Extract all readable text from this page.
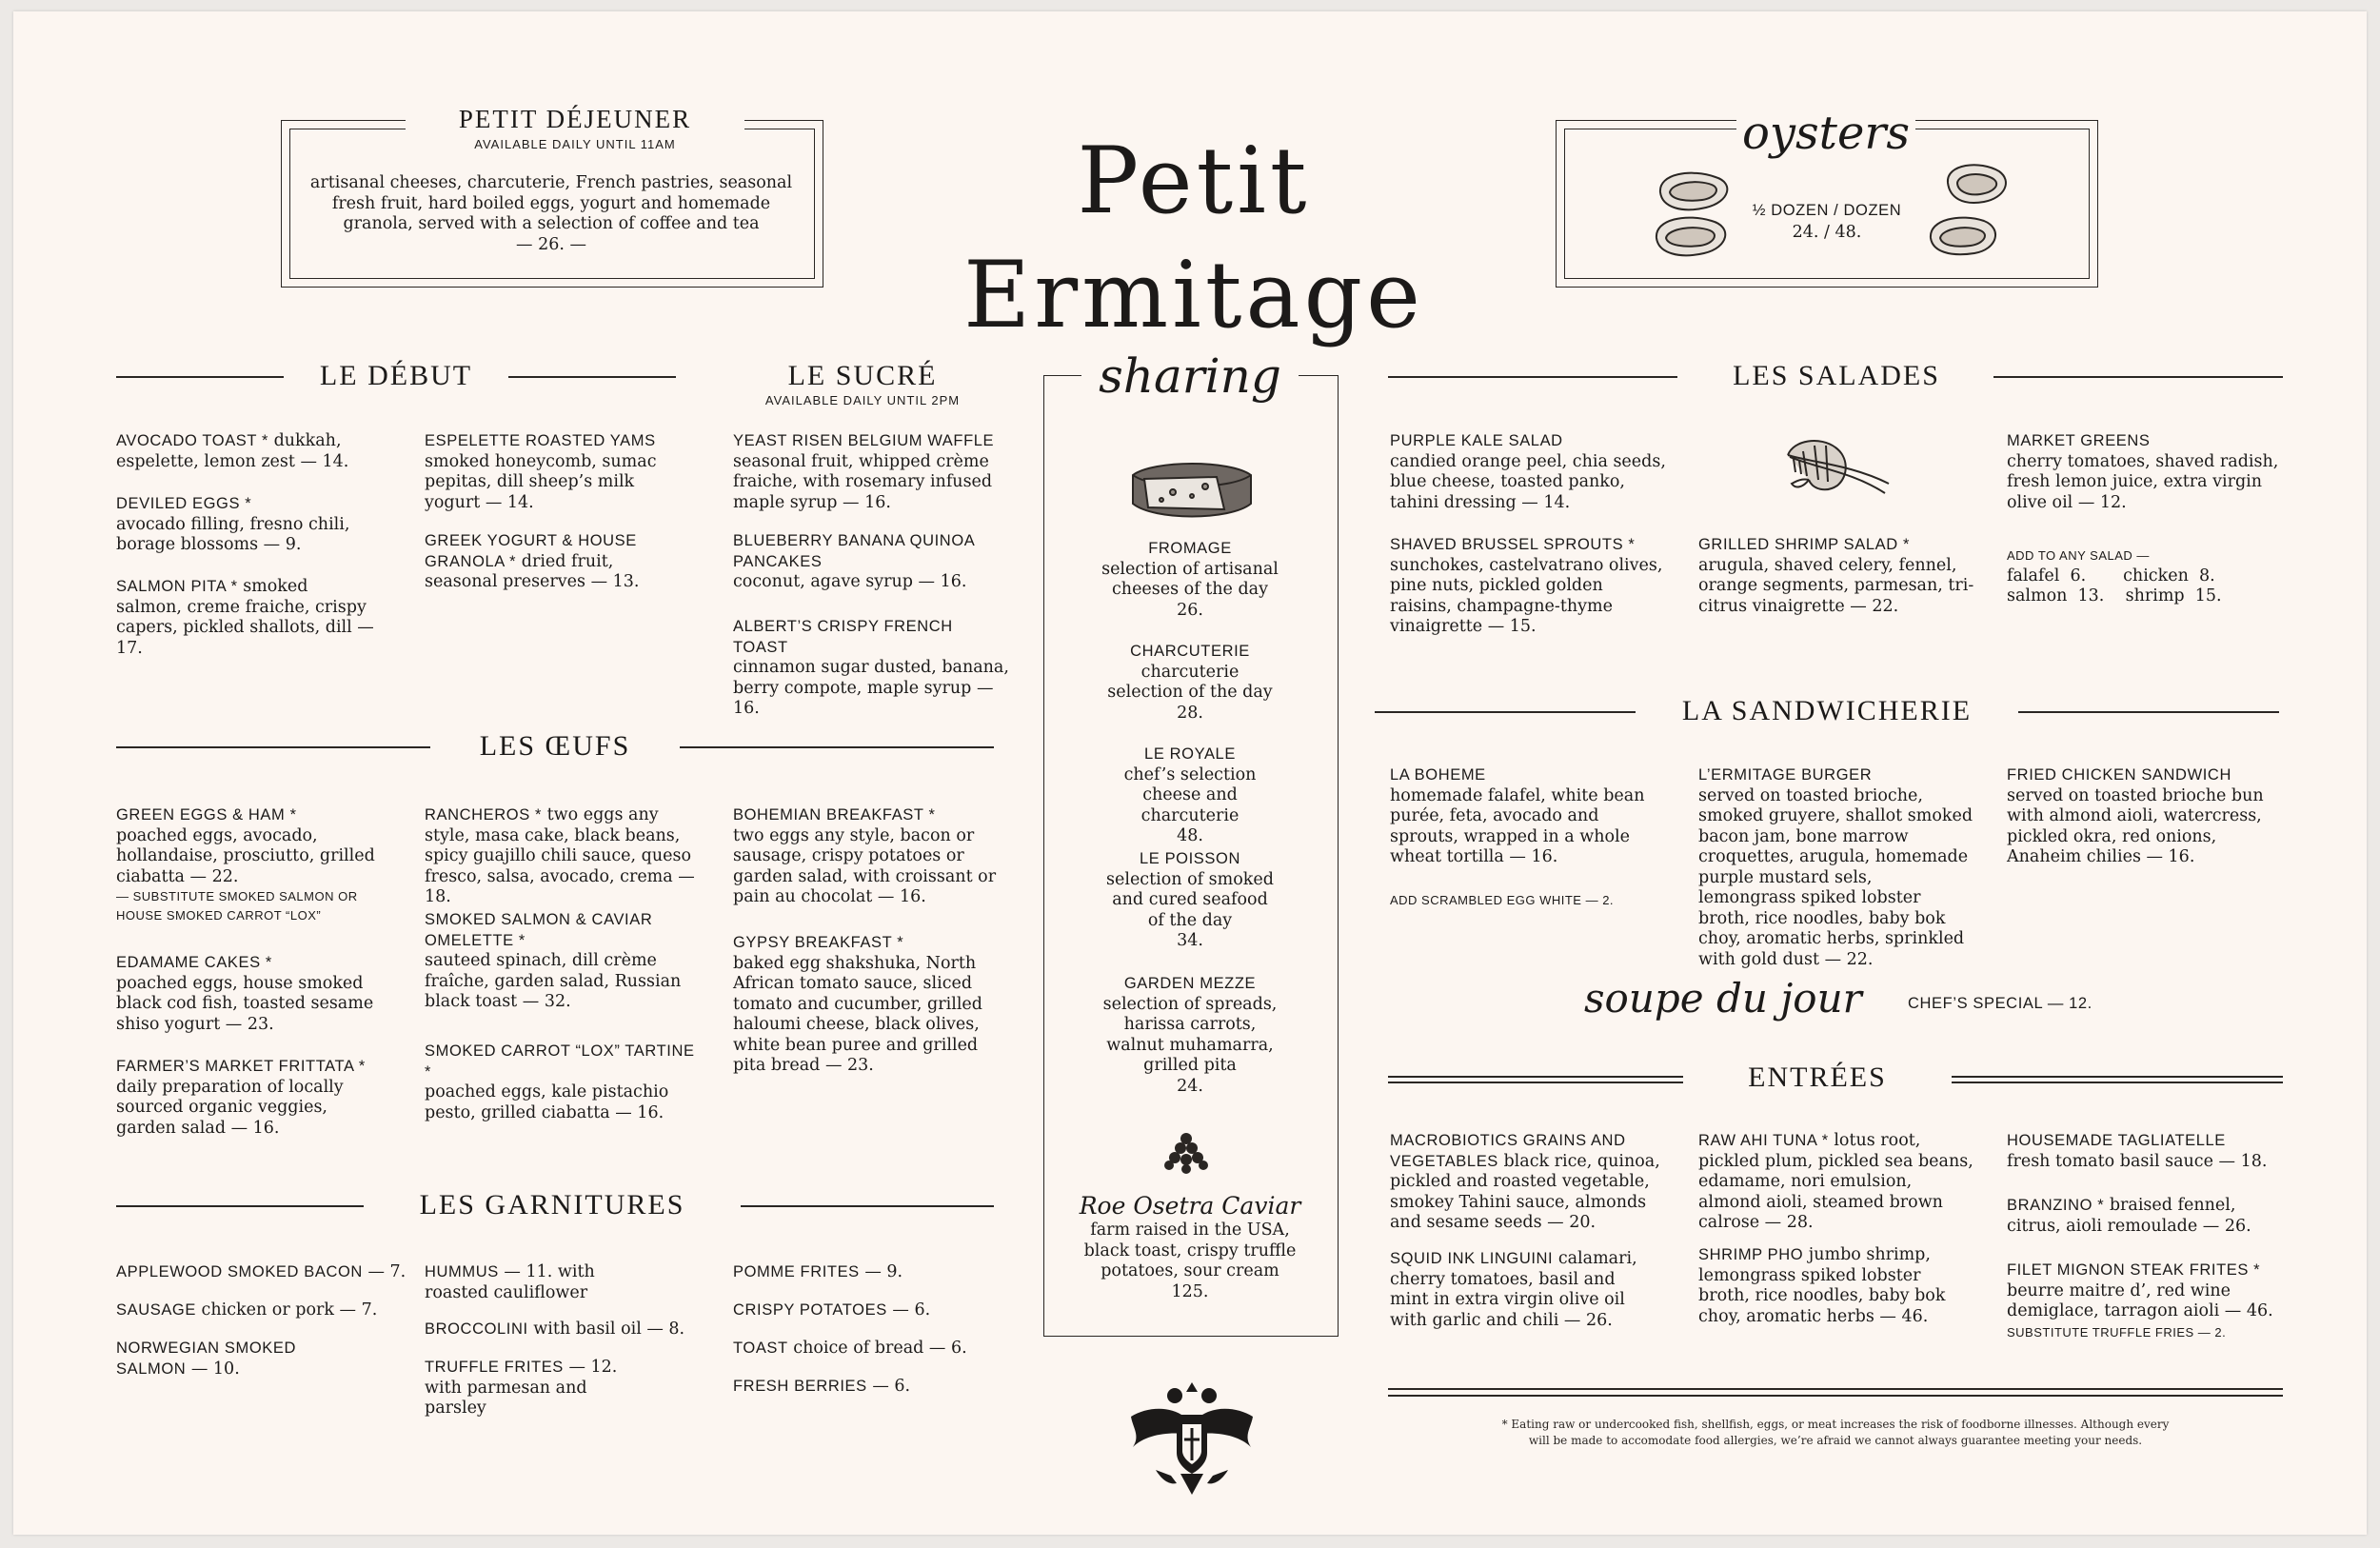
PETIT DÉJEUNER
AVAILABLE DAILY UNTIL 11AM
artisanal cheeses, charcuterie, French pastries, seasonal
fresh fruit, hard boiled eggs, yogurt and homemade
granola, served with a selection of coffee and tea
— 26. —
Petit Ermitage
oysters
½ DOZEN / DOZEN
24. / 48.
LE DÉBUT
AVOCADO TOAST * dukkah, espelette, lemon zest — 14.
DEVILED EGGS *
avocado filling, fresno chili, borage blossoms — 9.
SALMON PITA * smoked salmon, creme fraiche, crispy capers, pickled shallots, dill — 17.
ESPELETTE ROASTED YAMS
smoked honeycomb, sumac pepitas, dill sheep’s milk yogurt — 14.
GREEK YOGURT & HOUSE GRANOLA * dried fruit, seasonal preserves — 13.
LE SUCRÉ
AVAILABLE DAILY UNTIL 2PM
YEAST RISEN BELGIUM WAFFLE
seasonal fruit, whipped crème fraiche, with rosemary infused maple syrup — 16.
BLUEBERRY BANANA QUINOA PANCAKES
coconut, agave syrup — 16.
ALBERT’S CRISPY FRENCH TOAST
cinnamon sugar dusted, banana, berry compote, maple syrup — 16.
LES ŒUFS
GREEN EGGS & HAM *
poached eggs, avocado, hollandaise, prosciutto, grilled ciabatta — 22.
— SUBSTITUTE SMOKED SALMON OR HOUSE SMOKED CARROT “LOX”
EDAMAME CAKES *
poached eggs, house smoked black cod fish, toasted sesame shiso yogurt — 23.
FARMER’S MARKET FRITTATA *
daily preparation of locally sourced organic veggies, garden salad — 16.
RANCHEROS * two eggs any style, masa cake, black beans, spicy guajillo chili sauce, queso fresco, salsa, avocado, crema — 18.
SMOKED SALMON & CAVIAR OMELETTE *
sauteed spinach, dill crème fraîche, garden salad, Russian black toast — 32.
SMOKED CARROT “LOX” TARTINE *
poached eggs, kale pistachio pesto, grilled ciabatta — 16.
BOHEMIAN BREAKFAST *
two eggs any style, bacon or sausage, crispy potatoes or garden salad, with croissant or pain au chocolat — 16.
GYPSY BREAKFAST *
baked egg shakshuka, North African tomato sauce, sliced tomato and cucumber, grilled haloumi cheese, black olives, white bean puree and grilled pita bread — 23.
LES GARNITURES
APPLEWOOD SMOKED BACON — 7.
SAUSAGE chicken or pork — 7.
NORWEGIAN SMOKED SALMON — 10.
HUMMUS — 11. with roasted cauliflower
BROCCOLINI with basil oil — 8.
TRUFFLE FRITES — 12. with parmesan and parsley
POMME FRITES — 9.
CRISPY POTATOES — 6.
TOAST choice of bread — 6.
FRESH BERRIES — 6.
sharing
FROMAGE
selection of artisanal cheeses of the day
26.
CHARCUTERIE
charcuterie selection of the day
28.
LE ROYALE
chef’s selection cheese and charcuterie
48.
LE POISSON
selection of smoked and cured seafood of the day
34.
GARDEN MEZZE
selection of spreads, harissa carrots, walnut muhamarra, grilled pita
24.
Roe Osetra Caviar
farm raised in the USA, black toast, crispy truffle potatoes, sour cream
125.
LES SALADES
PURPLE KALE SALAD
candied orange peel, chia seeds, blue cheese, toasted panko, tahini dressing — 14.
SHAVED BRUSSEL SPROUTS *
sunchokes, castelvatrano olives, pine nuts, pickled golden raisins, champagne-thyme vinaigrette — 15.
GRILLED SHRIMP SALAD *
arugula, shaved celery, fennel, orange segments, parmesan, tri-citrus vinaigrette — 22.
MARKET GREENS
cherry tomatoes, shaved radish, fresh lemon juice, extra virgin olive oil — 12.
ADD TO ANY SALAD —
falafel  6.       chicken  8.
salmon  13.    shrimp  15.
LA SANDWICHERIE
LA BOHEME
homemade falafel, white bean purée, feta, avocado and sprouts, wrapped in a whole wheat tortilla — 16.
ADD SCRAMBLED EGG WHITE — 2.
L’ERMITAGE BURGER
served on toasted brioche, smoked gruyere, shallot smoked bacon jam, bone marrow croquettes, arugula, homemade purple mustard sels, lemongrass spiked lobster broth, rice noodles, baby bok choy, aromatic herbs, sprinkled with gold dust — 22.
FRIED CHICKEN SANDWICH
served on toasted brioche bun with almond aioli, watercress, pickled okra, red onions, Anaheim chilies — 16.
soupe du jour	CHEF’S SPECIAL — 12.
ENTRÉES
MACROBIOTICS GRAINS AND VEGETABLES black rice, quinoa, pickled and roasted vegetable, smokey Tahini sauce, almonds and sesame seeds — 20.
SQUID INK LINGUINI calamari, cherry tomatoes, basil and mint in extra virgin olive oil with garlic and chili — 26.
RAW AHI TUNA * lotus root, pickled plum, pickled sea beans, edamame, nori emulsion, almond aioli, steamed brown calrose — 28.
SHRIMP PHO jumbo shrimp, lemongrass spiked lobster broth, rice noodles, baby bok choy, aromatic herbs — 46.
HOUSEMADE TAGLIATELLE
fresh tomato basil sauce — 18.
BRANZINO * braised fennel, citrus, aioli remoulade — 26.
FILET MIGNON STEAK FRITES *
beurre maitre d’, red wine demiglace, tarragon aioli — 46.
SUBSTITUTE TRUFFLE FRIES — 2.
* Eating raw or undercooked fish, shellfish, eggs, or meat increases the risk of foodborne illnesses. Although every
will be made to accomodate food allergies, we’re afraid we cannot always guarantee meeting your needs.
